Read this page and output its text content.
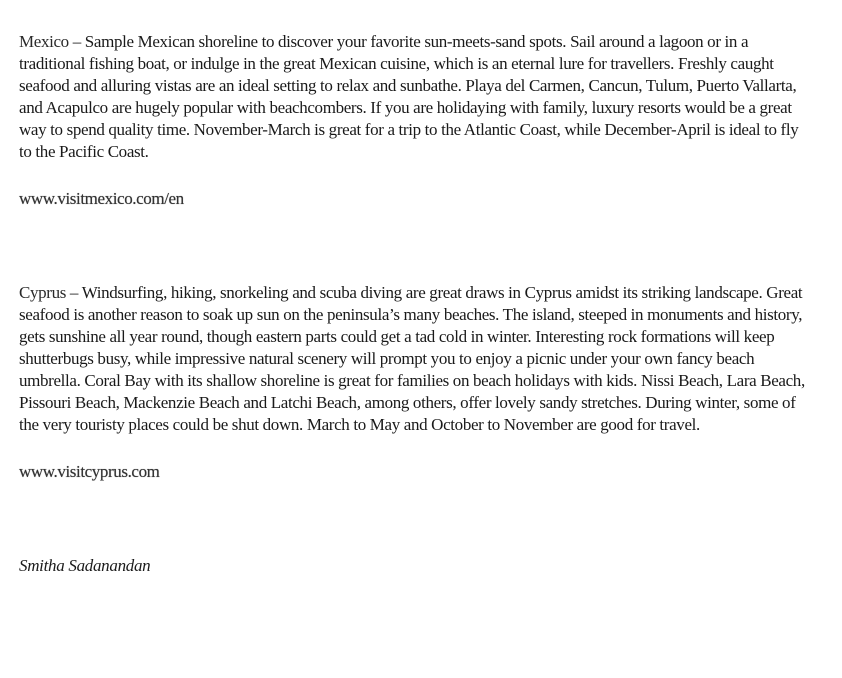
Mexico – Sample Mexican shoreline to discover your favorite sun-meets-sand spots. Sail around a lagoon or in a traditional fishing boat, or indulge in the great Mexican cuisine, which is an eternal lure for travellers. Freshly caught seafood and alluring vistas are an ideal setting to relax and sunbathe. Playa del Carmen, Cancun, Tulum, Puerto Vallarta, and Acapulco are hugely popular with beachcombers. If you are holidaying with family, luxury resorts would be a great way to spend quality time. November-March is great for a trip to the Atlantic Coast, while December-April is ideal to fly to the Pacific Coast.

www.visitmexico.com/en

Cyprus – Windsurfing, hiking, snorkeling and scuba diving are great draws in Cyprus amidst its striking landscape. Great seafood is another reason to soak up sun on the peninsula’s many beaches. The island, steeped in monuments and history, gets sunshine all year round, though eastern parts could get a tad cold in winter. Interesting rock formations will keep shutterbugs busy, while impressive natural scenery will prompt you to enjoy a picnic under your own fancy beach umbrella. Coral Bay with its shallow shoreline is great for families on beach holidays with kids. Nissi Beach, Lara Beach, Pissouri Beach, Mackenzie Beach and Latchi Beach, among others, offer lovely sandy stretches. During winter, some of the very touristy places could be shut down. March to May and October to November are good for travel.

www.visitcyprus.com

Smitha Sadanandan
